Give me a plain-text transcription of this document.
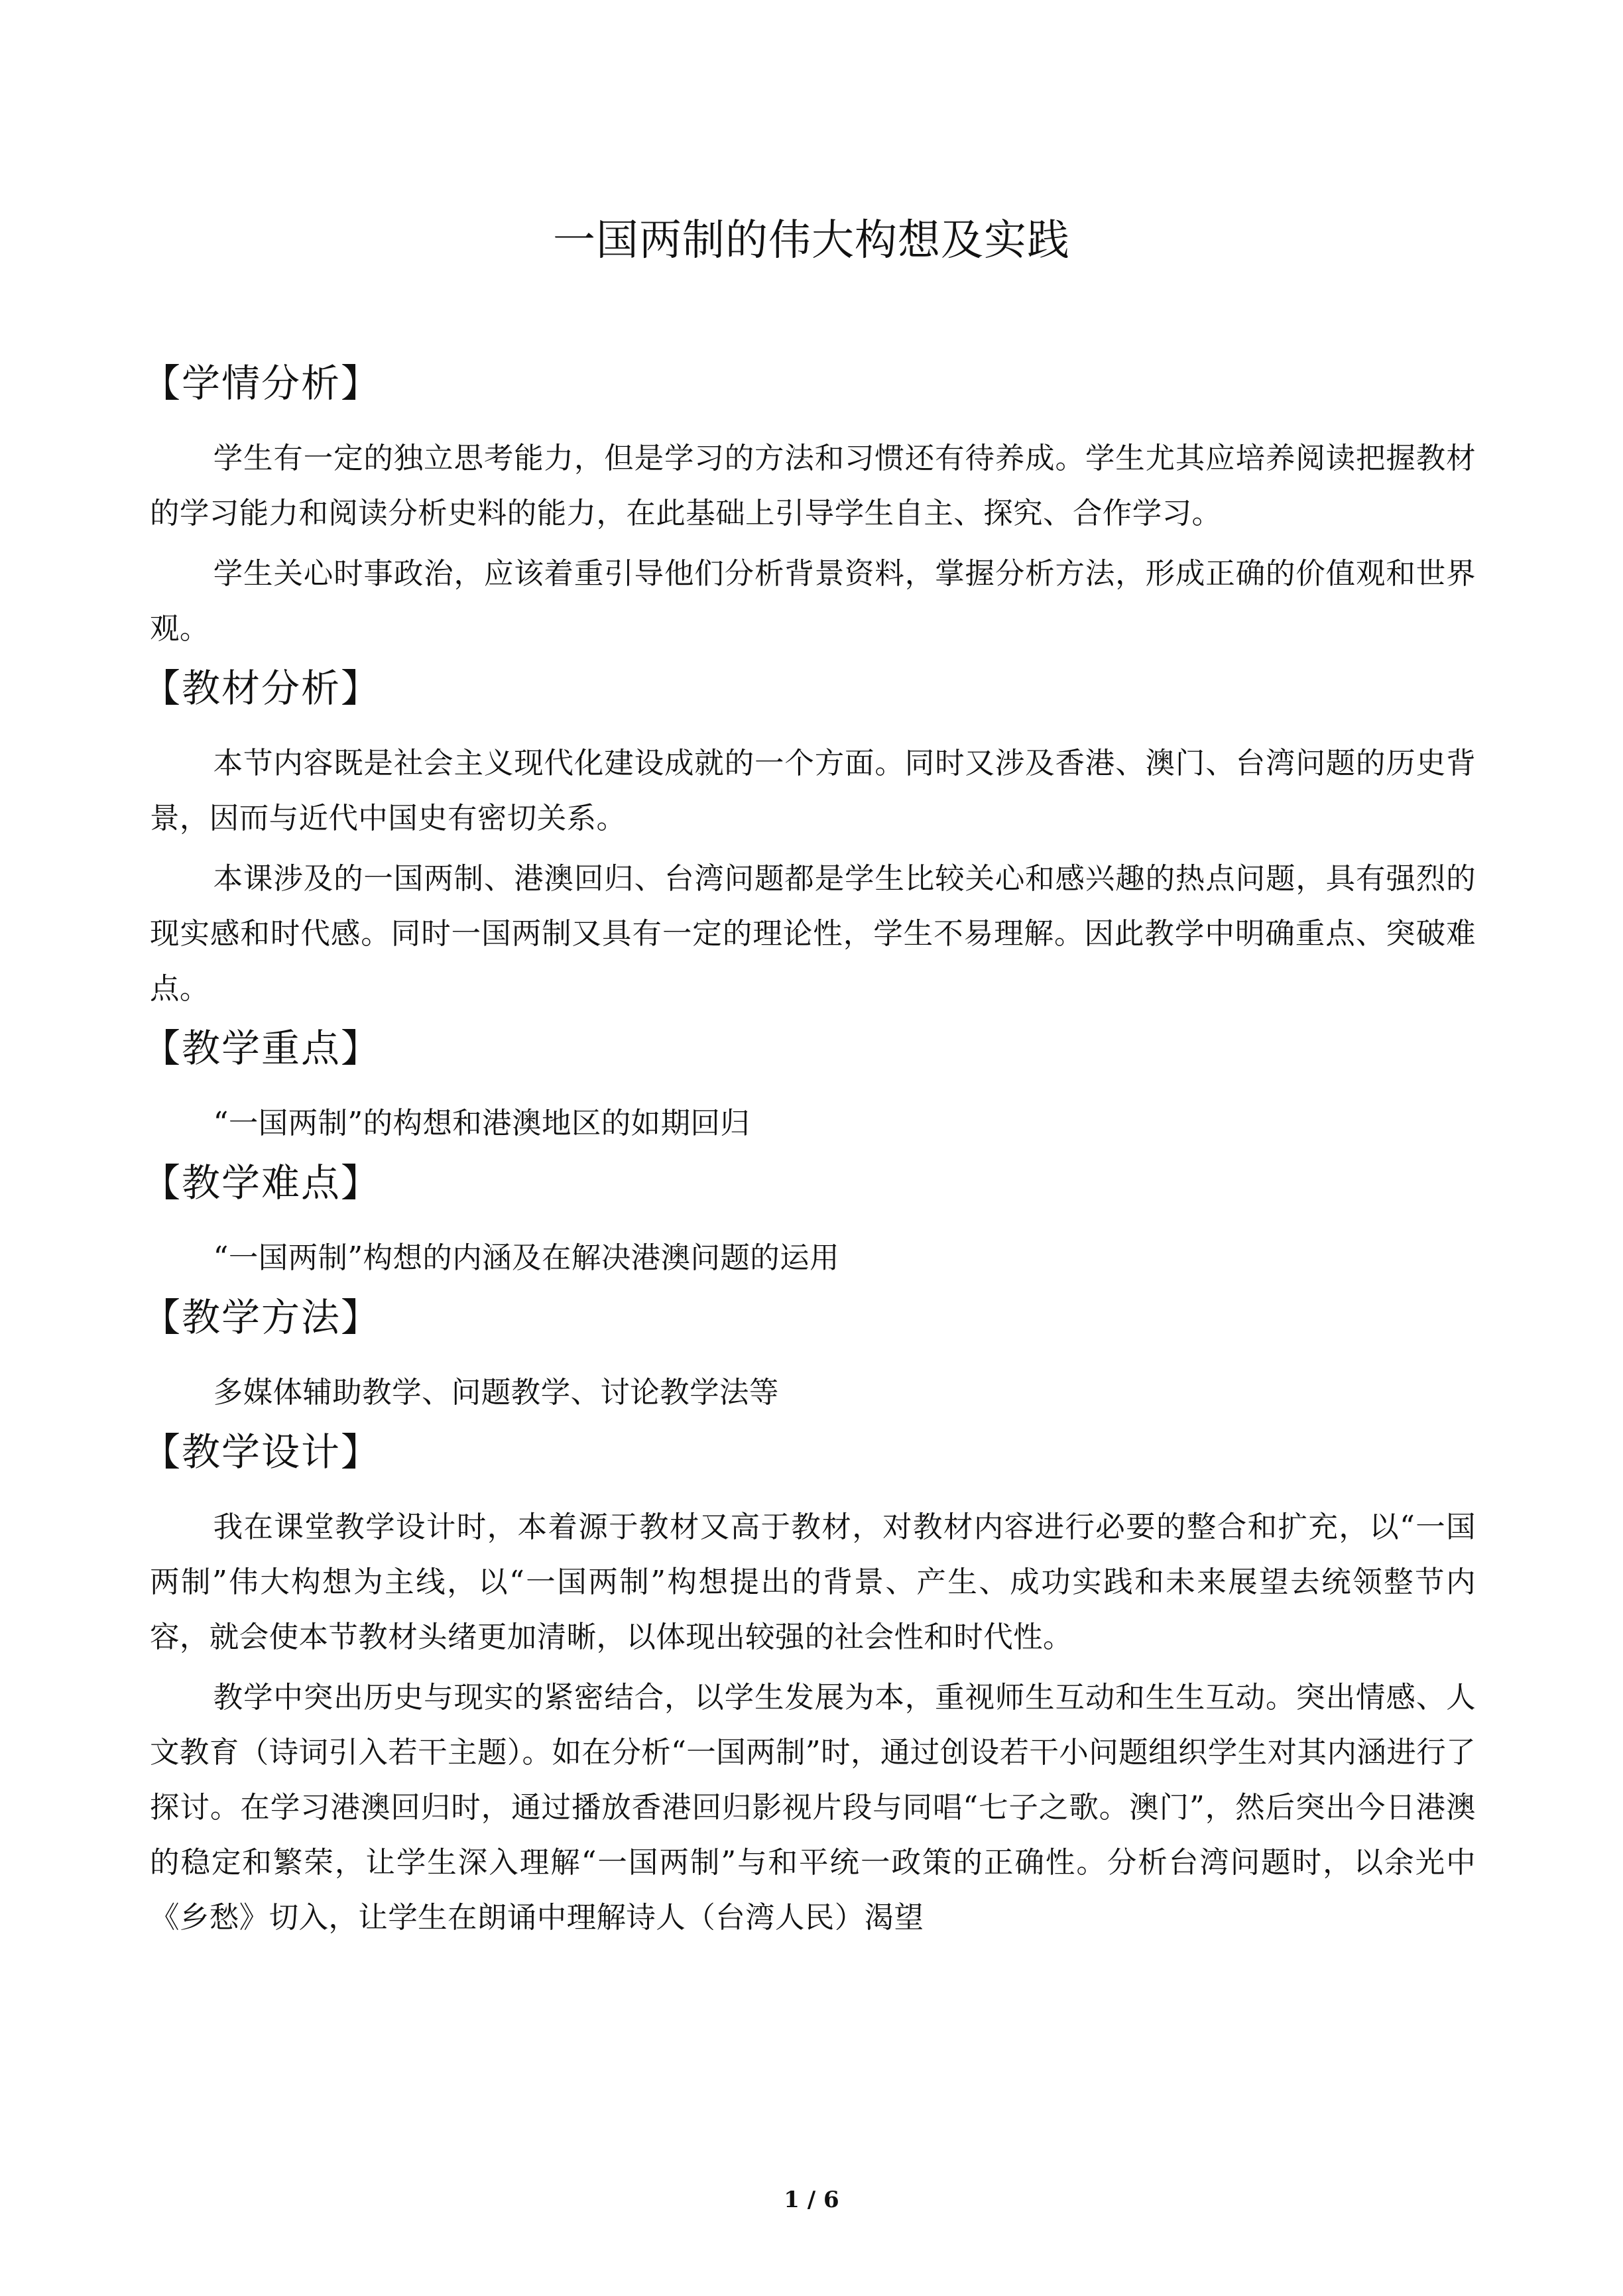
一国两制的伟大构想及实践
【学情分析】

学生有一定的独立思考能力，但是学习的方法和习惯还有待养成。学生尤其应培养阅读把握教材的学习能力和阅读分析史料的能力，在此基础上引导学生自主、探究、合作学习。

学生关心时事政治，应该着重引导他们分析背景资料，掌握分析方法，形成正确的价值观和世界观。

【教材分析】

本节内容既是社会主义现代化建设成就的一个方面。同时又涉及香港、澳门、台湾问题的历史背景，因而与近代中国史有密切关系。

本课涉及的一国两制、港澳回归、台湾问题都是学生比较关心和感兴趣的热点问题，具有强烈的现实感和时代感。同时一国两制又具有一定的理论性，学生不易理解。因此教学中明确重点、突破难点。

【教学重点】

“一国两制”的构想和港澳地区的如期回归

【教学难点】

“一国两制”构想的内涵及在解决港澳问题的运用

【教学方法】

多媒体辅助教学、问题教学、讨论教学法等

【教学设计】

我在课堂教学设计时，本着源于教材又高于教材，对教材内容进行必要的整合和扩充，以“一国两制”伟大构想为主线，以“一国两制”构想提出的背景、产生、成功实践和未来展望去统领整节内容，就会使本节教材头绪更加清晰，以体现出较强的社会性和时代性。

教学中突出历史与现实的紧密结合，以学生发展为本，重视师生互动和生生互动。突出情感、人文教育（诗词引入若干主题）。如在分析“一国两制”时，通过创设若干小问题组织学生对其内涵进行了探讨。在学习港澳回归时，通过播放香港回归影视片段与同唱“七子之歌。澳门”，然后突出今日港澳的稳定和繁荣，让学生深入理解“一国两制”与和平统一政策的正确性。分析台湾问题时，以余光中《乡愁》切入，让学生在朗诵中理解诗人（台湾人民）渴望

1 / 6
